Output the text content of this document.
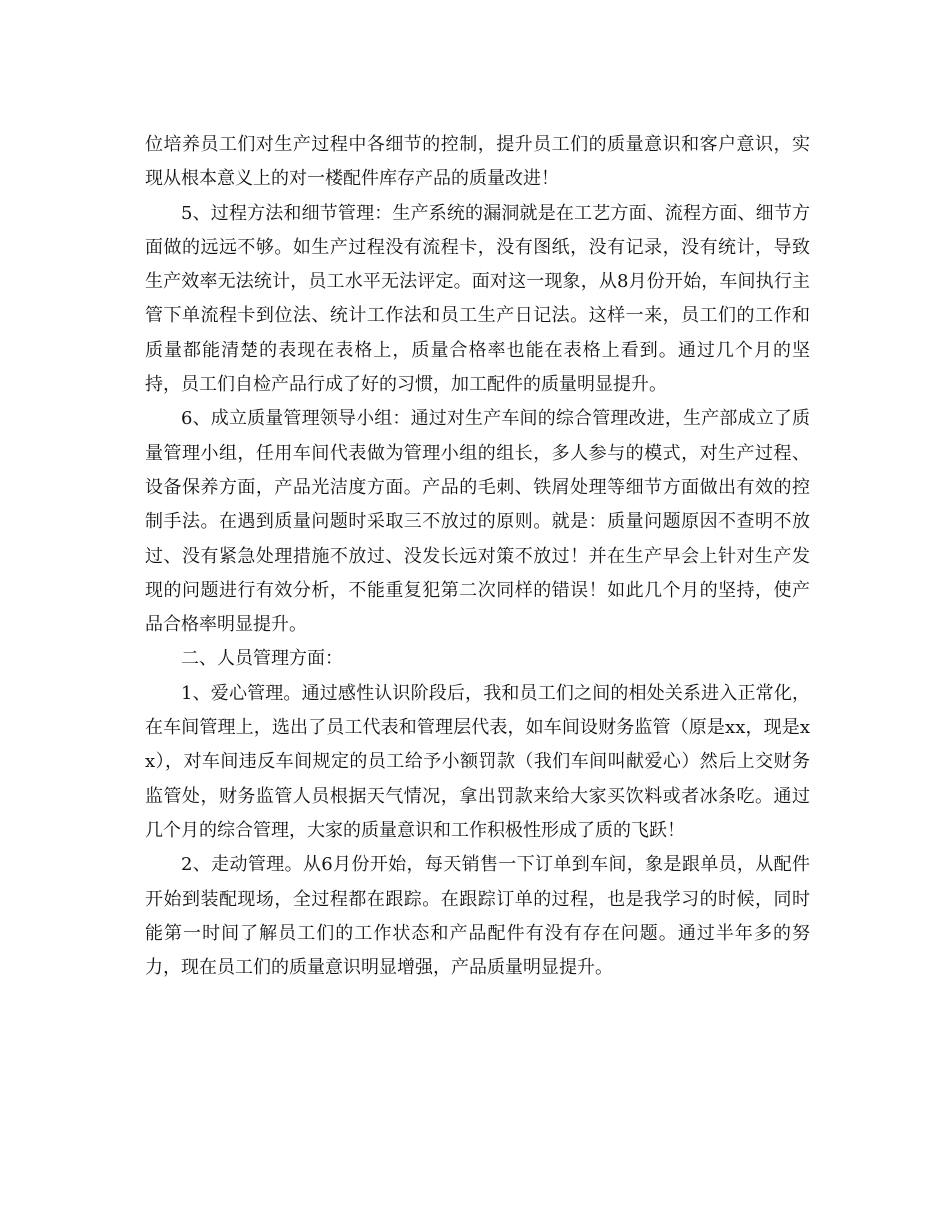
位培养员工们对生产过程中各细节的控制，提升员工们的质量意识和客户意识，实现从根本意义上的对一楼配件库存产品的质量改进！

5、过程方法和细节管理：生产系统的漏洞就是在工艺方面、流程方面、细节方面做的远远不够。如生产过程没有流程卡，没有图纸，没有记录，没有统计，导致生产效率无法统计，员工水平无法评定。面对这一现象，从8月份开始，车间执行主管下单流程卡到位法、统计工作法和员工生产日记法。这样一来，员工们的工作和质量都能清楚的表现在表格上，质量合格率也能在表格上看到。通过几个月的坚持，员工们自检产品行成了好的习惯，加工配件的质量明显提升。

6、成立质量管理领导小组：通过对生产车间的综合管理改进，生产部成立了质量管理小组，任用车间代表做为管理小组的组长，多人参与的模式，对生产过程、设备保养方面，产品光洁度方面。产品的毛刺、铁屑处理等细节方面做出有效的控制手法。在遇到质量问题时采取三不放过的原则。就是：质量问题原因不查明不放过、没有紧急处理措施不放过、没发长远对策不放过！并在生产早会上针对生产发现的问题进行有效分析，不能重复犯第二次同样的错误！如此几个月的坚持，使产品合格率明显提升。

二、人员管理方面：

1、爱心管理。通过感性认识阶段后，我和员工们之间的相处关系进入正常化，在车间管理上，选出了员工代表和管理层代表，如车间设财务监管（原是xx，现是xx），对车间违反车间规定的员工给予小额罚款（我们车间叫献爱心）然后上交财务监管处，财务监管人员根据天气情况，拿出罚款来给大家买饮料或者冰条吃。通过几个月的综合管理，大家的质量意识和工作积极性形成了质的飞跃！

2、走动管理。从6月份开始，每天销售一下订单到车间，象是跟单员，从配件开始到装配现场，全过程都在跟踪。在跟踪订单的过程，也是我学习的时候，同时能第一时间了解员工们的工作状态和产品配件有没有存在问题。通过半年多的努力，现在员工们的质量意识明显增强，产品质量明显提升。
